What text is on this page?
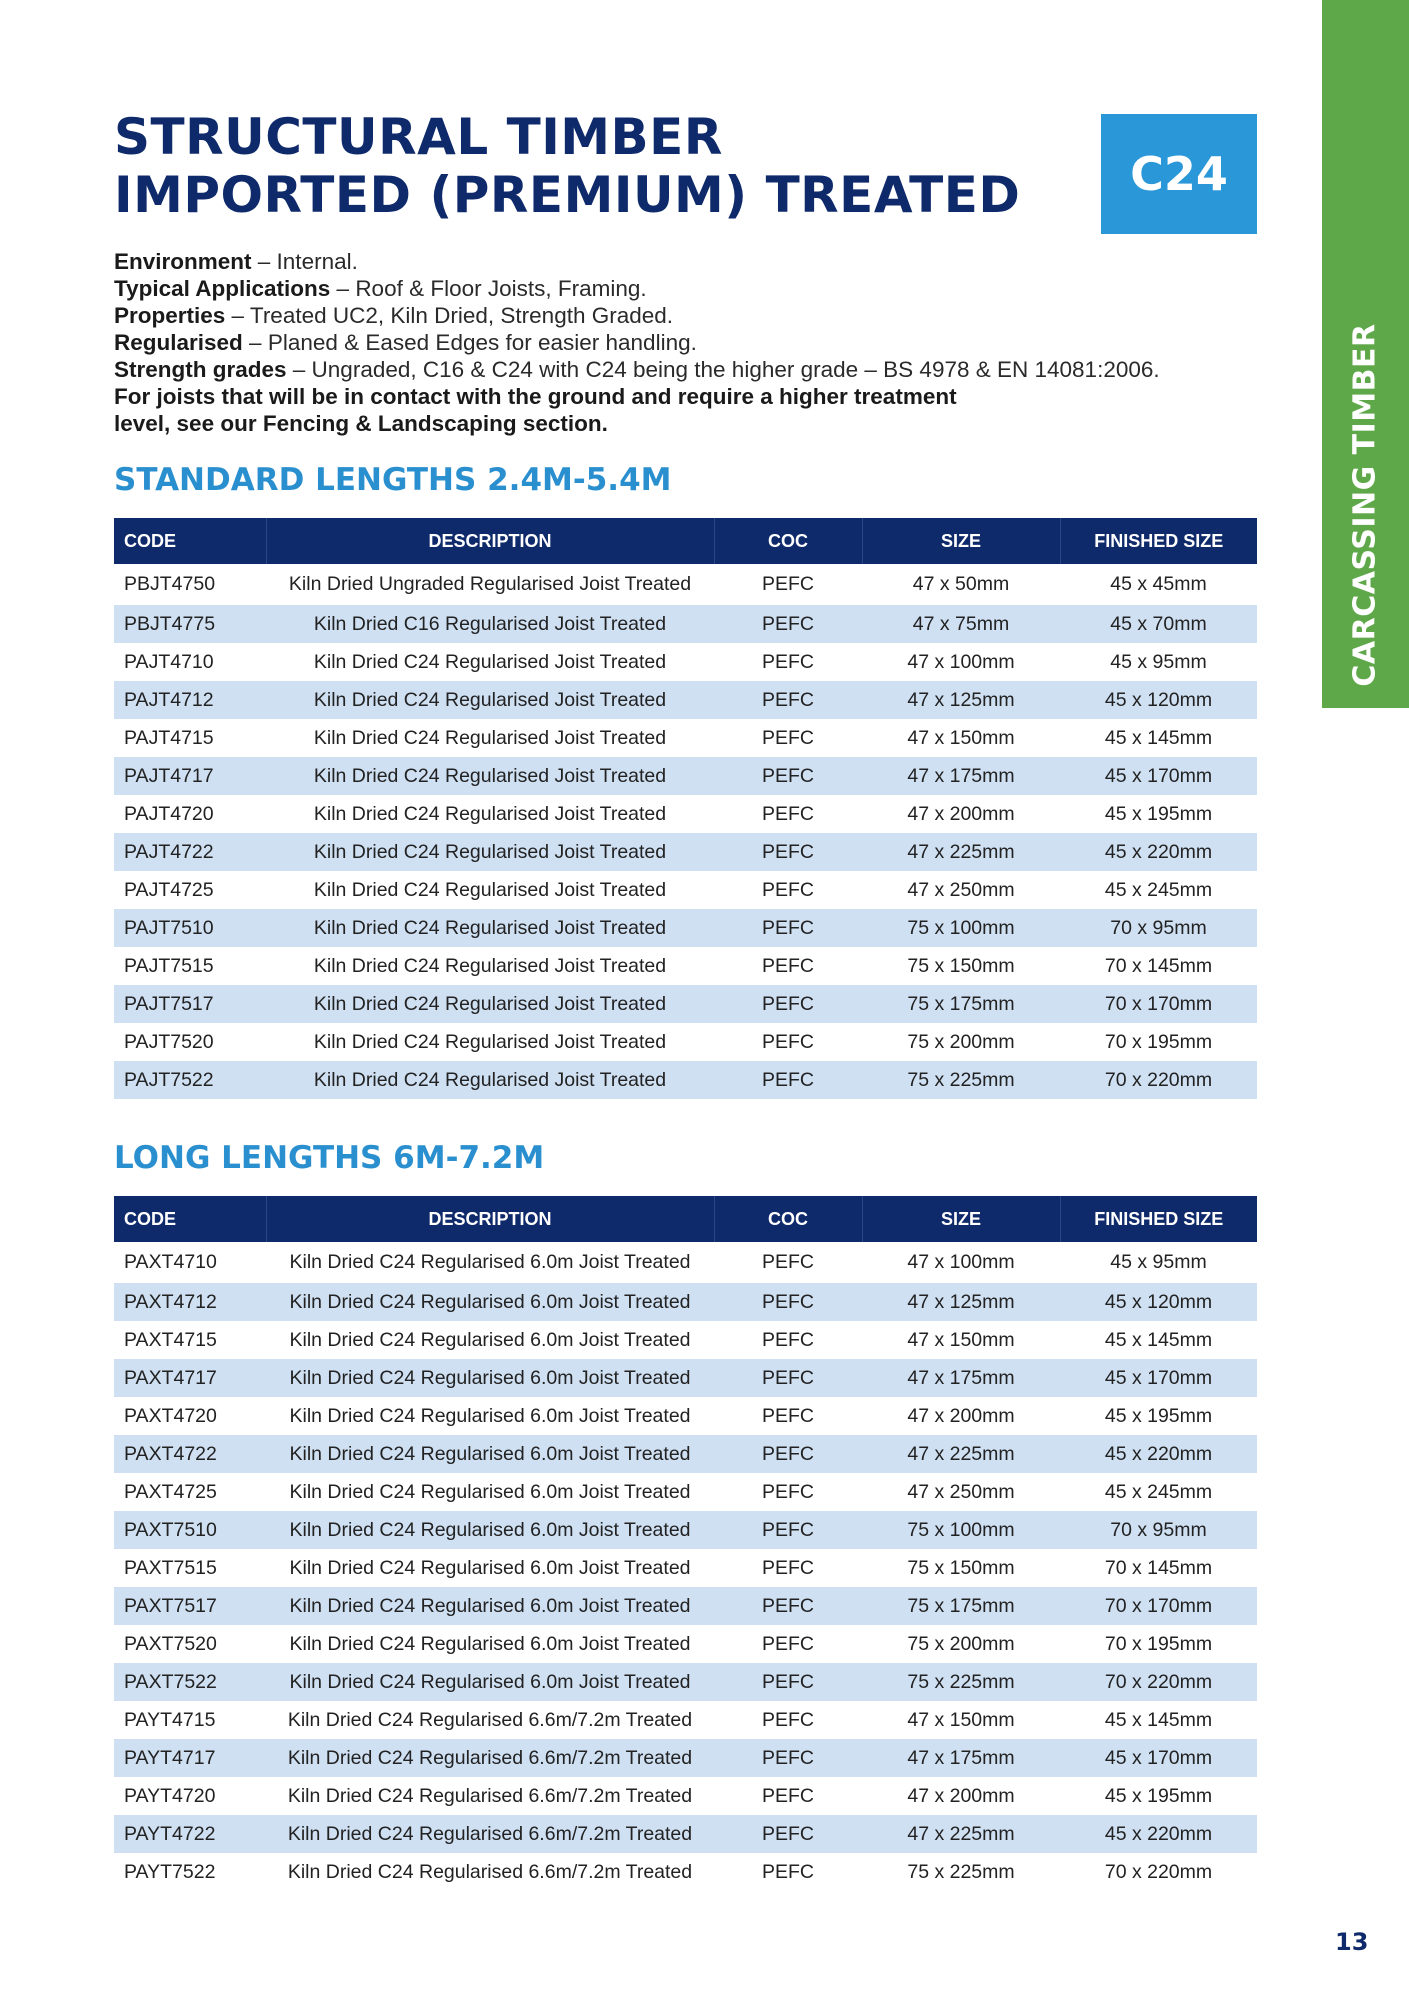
STRUCTURAL TIMBER
IMPORTED (PREMIUM) TREATED	C24
CARCASSING TIMBER
Environment – Internal.
Typical Applications – Roof & Floor Joists, Framing.
Properties – Treated UC2, Kiln Dried, Strength Graded.
Regularised – Planed & Eased Edges for easier handling.
Strength grades – Ungraded, C16 & C24 with C24 being the higher grade – BS 4978 & EN 14081:2006.
For joists that will be in contact with the ground and require a higher treatment
level, see our Fencing & Landscaping section.
STANDARD LENGTHS 2.4M-5.4M
CODE	DESCRIPTION	COC	SIZE	FINISHED SIZE
PBJT4750	Kiln Dried Ungraded Regularised Joist Treated	PEFC	47 x 50mm	45 x 45mm
PBJT4775	Kiln Dried C16 Regularised Joist Treated	PEFC	47 x 75mm	45 x 70mm
PAJT4710	Kiln Dried C24 Regularised Joist Treated	PEFC	47 x 100mm	45 x 95mm
PAJT4712	Kiln Dried C24 Regularised Joist Treated	PEFC	47 x 125mm	45 x 120mm
PAJT4715	Kiln Dried C24 Regularised Joist Treated	PEFC	47 x 150mm	45 x 145mm
PAJT4717	Kiln Dried C24 Regularised Joist Treated	PEFC	47 x 175mm	45 x 170mm
PAJT4720	Kiln Dried C24 Regularised Joist Treated	PEFC	47 x 200mm	45 x 195mm
PAJT4722	Kiln Dried C24 Regularised Joist Treated	PEFC	47 x 225mm	45 x 220mm
PAJT4725	Kiln Dried C24 Regularised Joist Treated	PEFC	47 x 250mm	45 x 245mm
PAJT7510	Kiln Dried C24 Regularised Joist Treated	PEFC	75 x 100mm	70 x 95mm
PAJT7515	Kiln Dried C24 Regularised Joist Treated	PEFC	75 x 150mm	70 x 145mm
PAJT7517	Kiln Dried C24 Regularised Joist Treated	PEFC	75 x 175mm	70 x 170mm
PAJT7520	Kiln Dried C24 Regularised Joist Treated	PEFC	75 x 200mm	70 x 195mm
PAJT7522	Kiln Dried C24 Regularised Joist Treated	PEFC	75 x 225mm	70 x 220mm
LONG LENGTHS 6M-7.2M
CODE	DESCRIPTION	COC	SIZE	FINISHED SIZE
PAXT4710	Kiln Dried C24 Regularised 6.0m Joist Treated	PEFC	47 x 100mm	45 x 95mm
PAXT4712	Kiln Dried C24 Regularised 6.0m Joist Treated	PEFC	47 x 125mm	45 x 120mm
PAXT4715	Kiln Dried C24 Regularised 6.0m Joist Treated	PEFC	47 x 150mm	45 x 145mm
PAXT4717	Kiln Dried C24 Regularised 6.0m Joist Treated	PEFC	47 x 175mm	45 x 170mm
PAXT4720	Kiln Dried C24 Regularised 6.0m Joist Treated	PEFC	47 x 200mm	45 x 195mm
PAXT4722	Kiln Dried C24 Regularised 6.0m Joist Treated	PEFC	47 x 225mm	45 x 220mm
PAXT4725	Kiln Dried C24 Regularised 6.0m Joist Treated	PEFC	47 x 250mm	45 x 245mm
PAXT7510	Kiln Dried C24 Regularised 6.0m Joist Treated	PEFC	75 x 100mm	70 x 95mm
PAXT7515	Kiln Dried C24 Regularised 6.0m Joist Treated	PEFC	75 x 150mm	70 x 145mm
PAXT7517	Kiln Dried C24 Regularised 6.0m Joist Treated	PEFC	75 x 175mm	70 x 170mm
PAXT7520	Kiln Dried C24 Regularised 6.0m Joist Treated	PEFC	75 x 200mm	70 x 195mm
PAXT7522	Kiln Dried C24 Regularised 6.0m Joist Treated	PEFC	75 x 225mm	70 x 220mm
PAYT4715	Kiln Dried C24 Regularised 6.6m/7.2m Treated	PEFC	47 x 150mm	45 x 145mm
PAYT4717	Kiln Dried C24 Regularised 6.6m/7.2m Treated	PEFC	47 x 175mm	45 x 170mm
PAYT4720	Kiln Dried C24 Regularised 6.6m/7.2m Treated	PEFC	47 x 200mm	45 x 195mm
PAYT4722	Kiln Dried C24 Regularised 6.6m/7.2m Treated	PEFC	47 x 225mm	45 x 220mm
PAYT7522	Kiln Dried C24 Regularised 6.6m/7.2m Treated	PEFC	75 x 225mm	70 x 220mm
13
